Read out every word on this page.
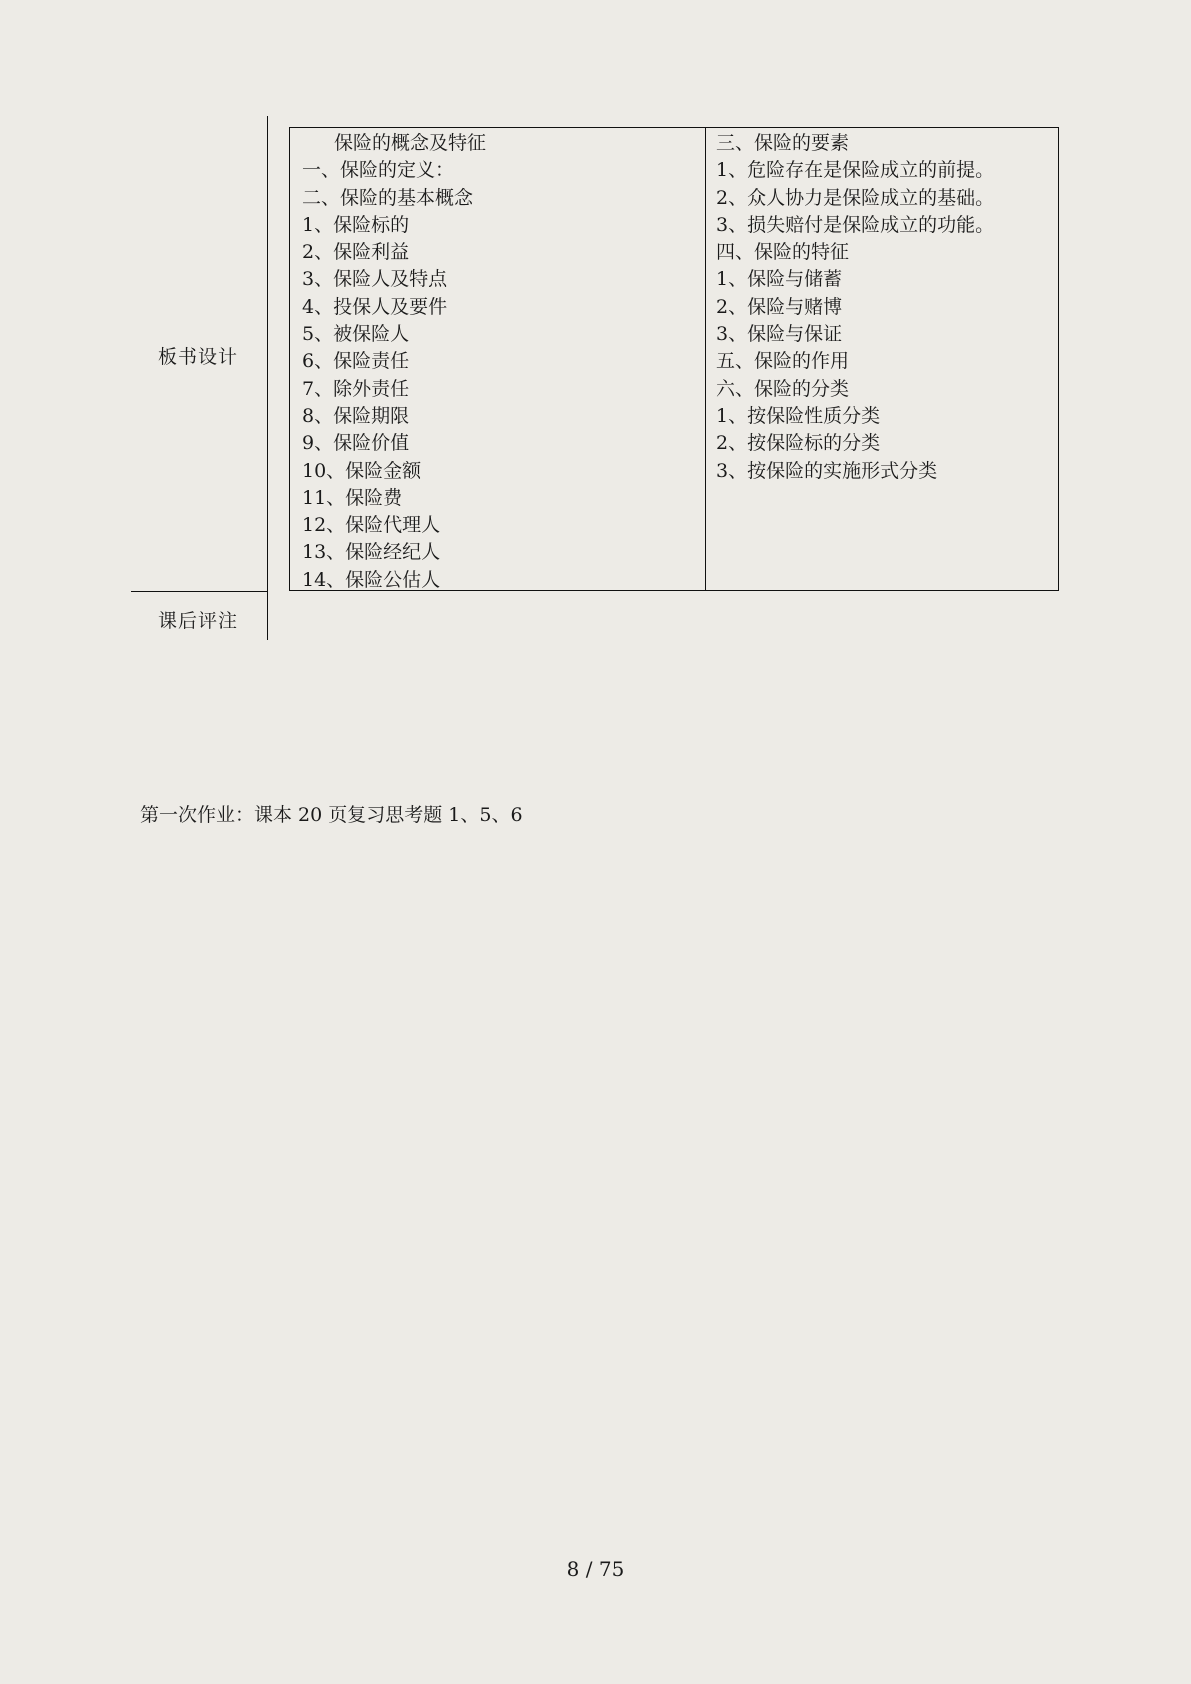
板书设计
课后评注
保险的概念及特征
一、保险的定义：
二、保险的基本概念
1、保险标的
2、保险利益
3、保险人及特点
4、投保人及要件
5、被保险人
6、保险责任
7、除外责任
8、保险期限
9、保险价值
10、保险金额
11、保险费
12、保险代理人
13、保险经纪人
14、保险公估人
三、保险的要素
1、危险存在是保险成立的前提。
2、众人协力是保险成立的基础。
3、损失赔付是保险成立的功能。
四、保险的特征
1、保险与储蓄
2、保险与赌博
3、保险与保证
五、保险的作用
六、保险的分类
1、按保险性质分类
2、按保险标的分类
3、按保险的实施形式分类
第一次作业：课本 20 页复习思考题 1、5、6
8 / 75
